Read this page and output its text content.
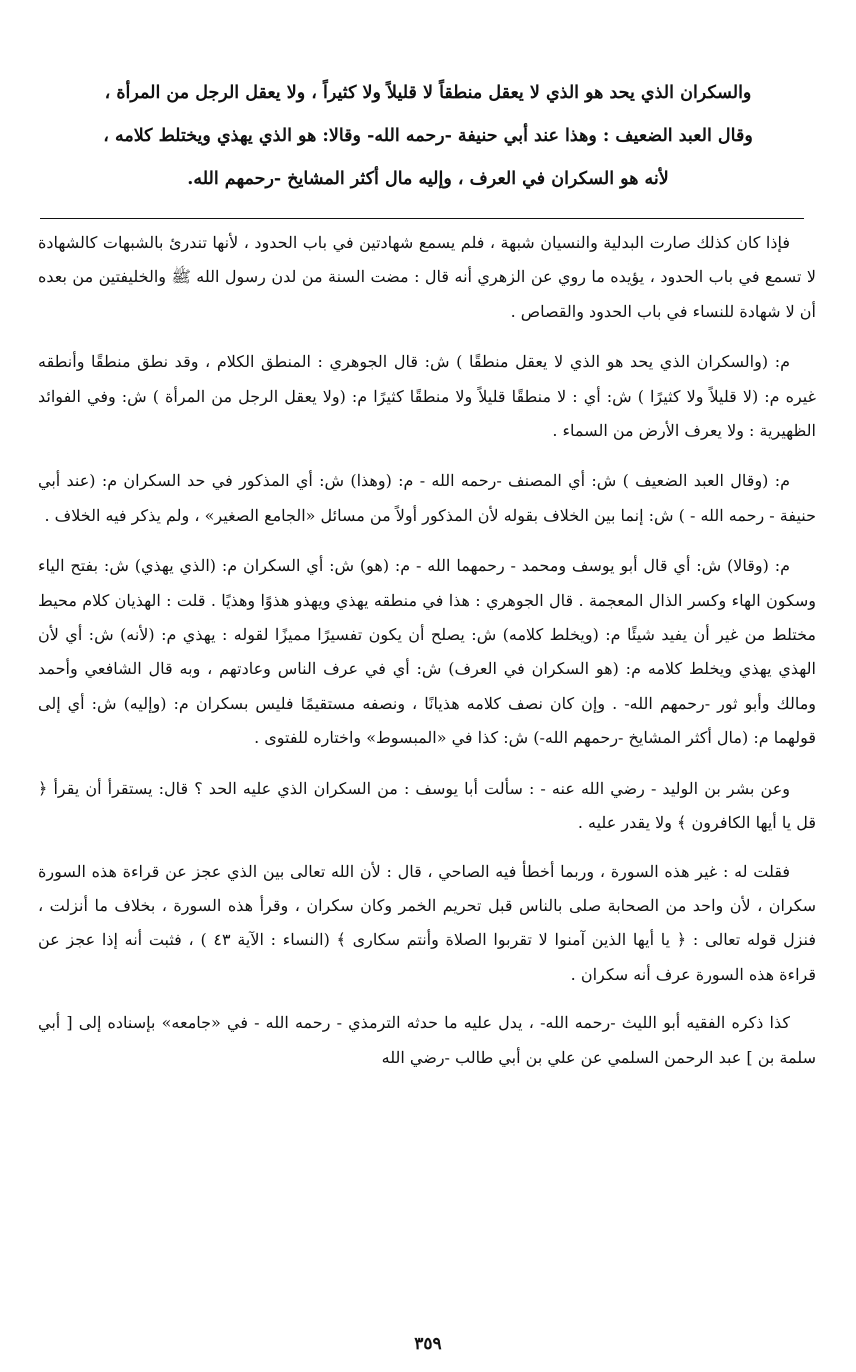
والسكران الذي يحد هو الذي لا يعقل منطقاً لا قليلاً ولا كثيراً ، ولا يعقل الرجل من المرأة ،

وقال العبد الضعيف : وهذا عند أبي حنيفة -رحمه الله- وقالا: هو الذي يهذي ويختلط كلامه ،

لأنه هو السكران في العرف ، وإليه مال أكثر المشايخ -رحمهم الله.

فإذا كان كذلك صارت البدلية والنسيان شبهة ، فلم يسمع شهادتين في باب الحدود ، لأنها تندرئ بالشبهات كالشهادة لا تسمع في باب الحدود ، يؤيده ما روي عن الزهري أنه قال : مضت السنة من لدن رسول الله ﷺ والخليفتين من بعده أن لا شهادة للنساء في باب الحدود والقصاص .

م: (والسكران الذي يحد هو الذي لا يعقل منطقًا ) ش: قال الجوهري : المنطق الكلام ، وقد نطق منطقًا وأنطقه غيره م: (لا قليلاً ولا كثيرًا ) ش: أي : لا منطقًا قليلاً ولا منطقًا كثيرًا م: (ولا يعقل الرجل من المرأة ) ش: وفي الفوائد الظهيرية : ولا يعرف الأرض من السماء .

م: (وقال العبد الضعيف ) ش: أي المصنف -رحمه الله - م: (وهذا) ش: أي المذكور في حد السكران م: (عند أبي حنيفة - رحمه الله - ) ش: إنما بين الخلاف بقوله لأن المذكور أولاً من مسائل «الجامع الصغير» ، ولم يذكر فيه الخلاف .

م: (وقالا) ش: أي قال أبو يوسف ومحمد - رحمهما الله - م: (هو) ش: أي السكران م: (الذي يهذي) ش: بفتح الياء وسكون الهاء وكسر الذال المعجمة . قال الجوهري : هذا في منطقه يهذي ويهذو هذوًا وهذيًا . قلت : الهذيان كلام محيط مختلط من غير أن يفيد شيئًا م: (ويخلط كلامه) ش: يصلح أن يكون تفسيرًا مميزًا لقوله : يهذي م: (لأنه) ش: أي لأن الهذي يهذي ويخلط كلامه م: (هو السكران في العرف) ش: أي في عرف الناس وعادتهم ، وبه قال الشافعي وأحمد ومالك وأبو ثور -رحمهم الله- . وإن كان نصف كلامه هذيانًا ، ونصفه مستقيمًا فليس بسكران م: (وإليه) ش: أي إلى قولهما م: (مال أكثر المشايخ -رحمهم الله-) ش: كذا في «المبسوط» واختاره للفتوى .

وعن بشر بن الوليد - رضي الله عنه - : سألت أبا يوسف : من السكران الذي عليه الحد ؟ قال: يستقرأ أن يقرأ ﴿ قل يا أيها الكافرون ﴾ ولا يقدر عليه .

فقلت له : غير هذه السورة ، وربما أخطأ فيه الصاحي ، قال : لأن الله تعالى بين الذي عجز عن قراءة هذه السورة سكران ، لأن واحد من الصحابة صلى بالناس قبل تحريم الخمر وكان سكران ، وقرأ هذه السورة ، بخلاف ما أنزلت ، فنزل قوله تعالى : ﴿ يا أيها الذين آمنوا لا تقربوا الصلاة وأنتم سكارى ﴾ (النساء : الآية ٤٣ ) ، فثبت أنه إذا عجز عن قراءة هذه السورة عرف أنه سكران .

كذا ذكره الفقيه أبو الليث -رحمه الله- ، يدل عليه ما حدثه الترمذي - رحمه الله - في «جامعه» بإسناده إلى [ أبي سلمة بن ] عبد الرحمن السلمي عن علي بن أبي طالب -رضي الله

٣٥٩
